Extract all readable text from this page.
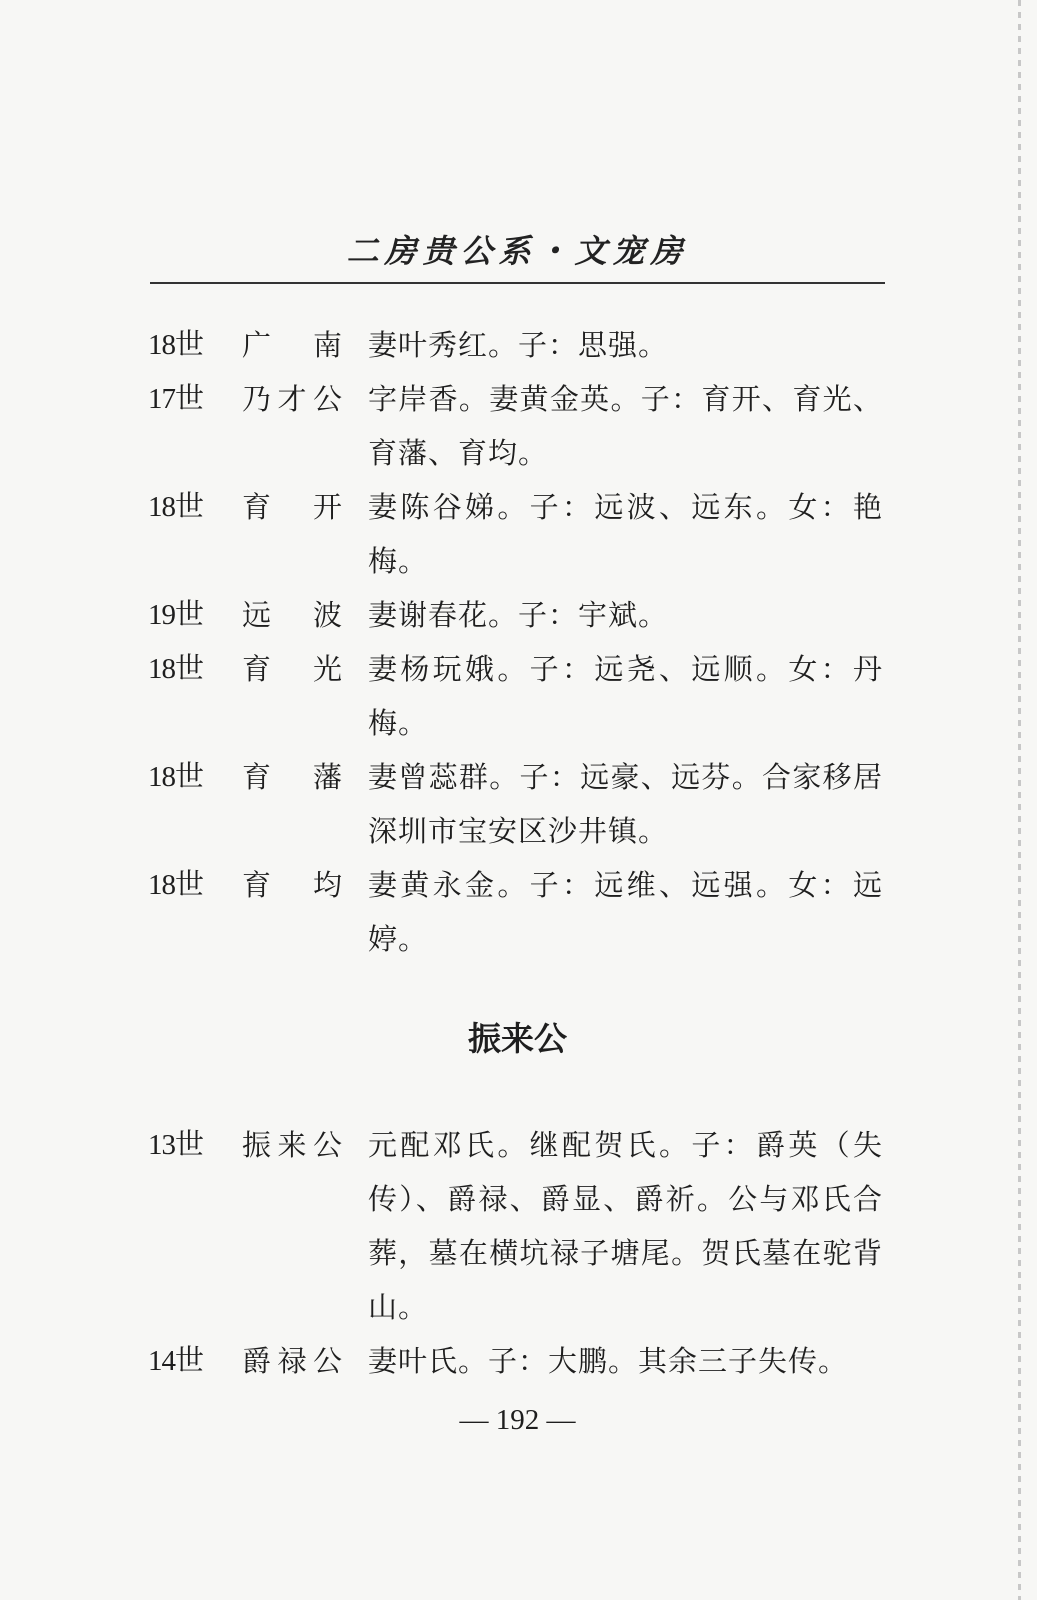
二房贵公系・文宠房
18世	广　南 妻叶秀红。子：思强。
17世	乃才公 字岸香。妻黄金英。子：育开、育光、育藩、育均。
18世	育　开 妻陈谷娣。子：远波、远东。女：艳梅。
19世	远　波 妻谢春花。子：宇斌。
18世	育　光 妻杨玩娥。子：远尧、远顺。女：丹梅。
18世	育　藩 妻曾蕊群。子：远豪、远芬。合家移居深圳市宝安区沙井镇。
18世	育　均 妻黄永金。子：远维、远强。女：远婷。
振来公
13世	振来公 元配邓氏。继配贺氏。子：爵英（失传）、爵禄、爵显、爵祈。公与邓氏合葬，墓在横坑禄子塘尾。贺氏墓在驼背山。
14世	爵禄公 妻叶氏。子：大鹏。其余三子失传。
— 192 —
